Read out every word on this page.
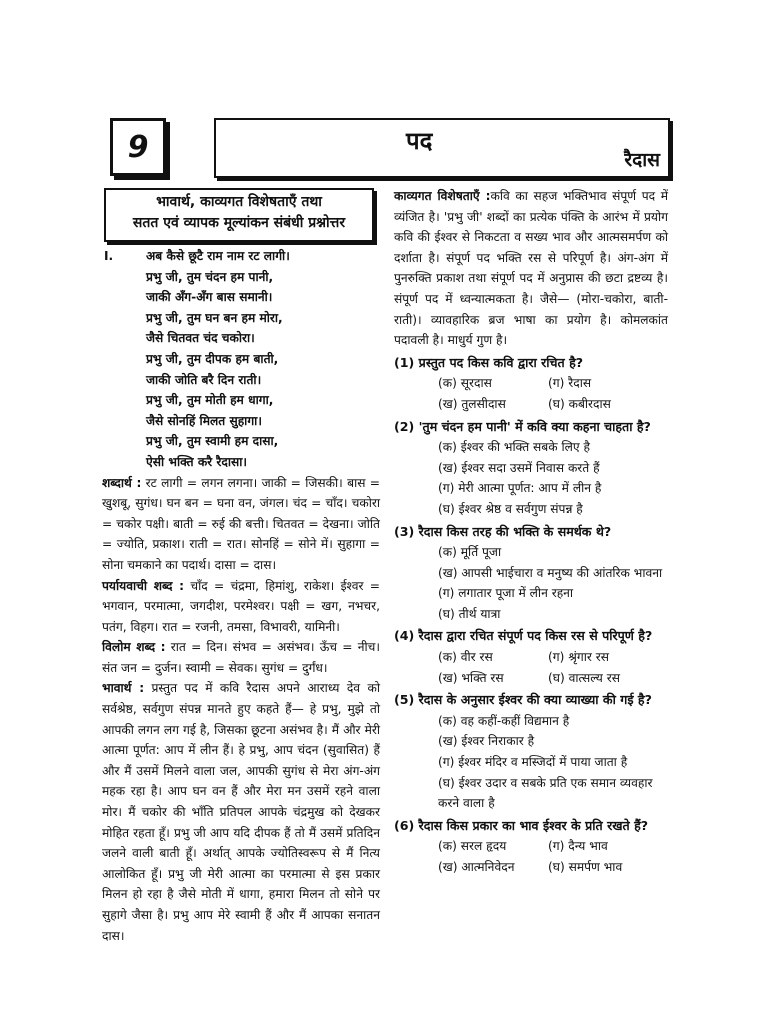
9	पद
रैदास
भावार्थ, काव्यगत विशेषताएँ तथा
सतत एवं व्यापक मूल्यांकन संबंधी प्रश्नोत्तर
I.	अब कैसे छूटै राम नाम रट लागी।
प्रभु जी, तुम चंदन हम पानी,
जाकी अँग-अँग बास समानी।
प्रभु जी, तुम घन बन हम मोरा,
जैसे चितवत चंद चकोरा।
प्रभु जी, तुम दीपक हम बाती,
जाकी जोति बरै दिन राती।
प्रभु जी, तुम मोती हम धागा,
जैसे सोनहिं मिलत सुहागा।
प्रभु जी, तुम स्वामी हम दासा,
ऐसी भक्ति करै रैदासा।

शब्दार्थ : रट लागी = लगन लगना। जाकी = जिसकी। बास = खुशबू, सुगंध। घन बन = घना वन, जंगल। चंद = चाँद। चकोरा = चकोर पक्षी। बाती = रुई की बत्ती। चितवत = देखना। जोति = ज्योति, प्रकाश। राती = रात। सोनहिं = सोने में। सुहागा = सोना चमकाने का पदार्थ। दासा = दास।

पर्यायवाची शब्द : चाँद = चंद्रमा, हिमांशु, राकेश। ईश्वर = भगवान, परमात्मा, जगदीश, परमेश्वर। पक्षी = खग, नभचर, पतंग, विहग। रात = रजनी, तमसा, विभावरी, यामिनी।

विलोम शब्द : रात = दिन। संभव = असंभव। ऊँच = नीच। संत जन = दुर्जन। स्वामी = सेवक। सुगंध = दुर्गंध।

भावार्थ : प्रस्तुत पद में कवि रैदास अपने आराध्य देव को सर्वश्रेष्ठ, सर्वगुण संपन्न मानते हुए कहते हैं— हे प्रभु, मुझे तो आपकी लगन लग गई है, जिसका छूटना असंभव है। मैं और मेरी आत्मा पूर्णत: आप में लीन हैं। हे प्रभु, आप चंदन (सुवासित) हैं और मैं उसमें मिलने वाला जल, आपकी सुगंध से मेरा अंग-अंग महक रहा है। आप घन वन हैं और मेरा मन उसमें रहने वाला मोर। मैं चकोर की भाँति प्रतिपल आपके चंद्रमुख को देखकर मोहित रहता हूँ। प्रभु जी आप यदि दीपक हैं तो मैं उसमें प्रतिदिन जलने वाली बाती हूँ। अर्थात् आपके ज्योतिस्वरूप से मैं नित्य आलोकित हूँ। प्रभु जी मेरी आत्मा का परमात्मा से इस प्रकार मिलन हो रहा है जैसे मोती में धागा, हमारा मिलन तो सोने पर सुहागे जैसा है। प्रभु आप मेरे स्वामी हैं और मैं आपका सनातन दास।

काव्यगत विशेषताएँ :कवि का सहज भक्तिभाव संपूर्ण पद में व्यंजित है। 'प्रभु जी' शब्दों का प्रत्येक पंक्ति के आरंभ में प्रयोग कवि की ईश्वर से निकटता व सख्य भाव और आत्मसमर्पण को दर्शाता है। संपूर्ण पद भक्ति रस से परिपूर्ण है। अंग-अंग में पुनरुक्ति प्रकाश तथा संपूर्ण पद में अनुप्रास की छटा द्रष्टव्य है। संपूर्ण पद में ध्वन्यात्मकता है। जैसे— (मोरा-चकोरा, बाती-राती)। व्यावहारिक ब्रज भाषा का प्रयोग है। कोमलकांत पदावली है। माधुर्य गुण है।

(1) प्रस्तुत पद किस कवि द्वारा रचित है?
(क) सूरदास	(ग) रैदास
(ख) तुलसीदास	(घ) कबीरदास
(2) 'तुम चंदन हम पानी' में कवि क्या कहना चाहता है?
(क) ईश्वर की भक्ति सबके लिए है
(ख) ईश्वर सदा उसमें निवास करते हैं
(ग) मेरी आत्मा पूर्णत: आप में लीन है
(घ) ईश्वर श्रेष्ठ व सर्वगुण संपन्न है
(3) रैदास किस तरह की भक्ति के समर्थक थे?
(क) मूर्ति पूजा
(ख) आपसी भाईचारा व मनुष्य की आंतरिक भावना
(ग) लगातार पूजा में लीन रहना
(घ) तीर्थ यात्रा
(4) रैदास द्वारा रचित संपूर्ण पद किस रस से परिपूर्ण है?
(क) वीर रस	(ग) श्रृंगार रस
(ख) भक्ति रस	(घ) वात्सल्य रस
(5) रैदास के अनुसार ईश्वर की क्या व्याख्या की गई है?
(क) वह कहीं-कहीं विद्यमान है
(ख) ईश्वर निराकार है
(ग) ईश्वर मंदिर व मस्जिदों में पाया जाता है
(घ) ईश्वर उदार व सबके प्रति एक समान व्यवहार करने वाला है
(6) रैदास किस प्रकार का भाव ईश्वर के प्रति रखते हैं?
(क) सरल हृदय	(ग) दैन्य भाव
(ख) आत्मनिवेदन	(घ) समर्पण भाव
